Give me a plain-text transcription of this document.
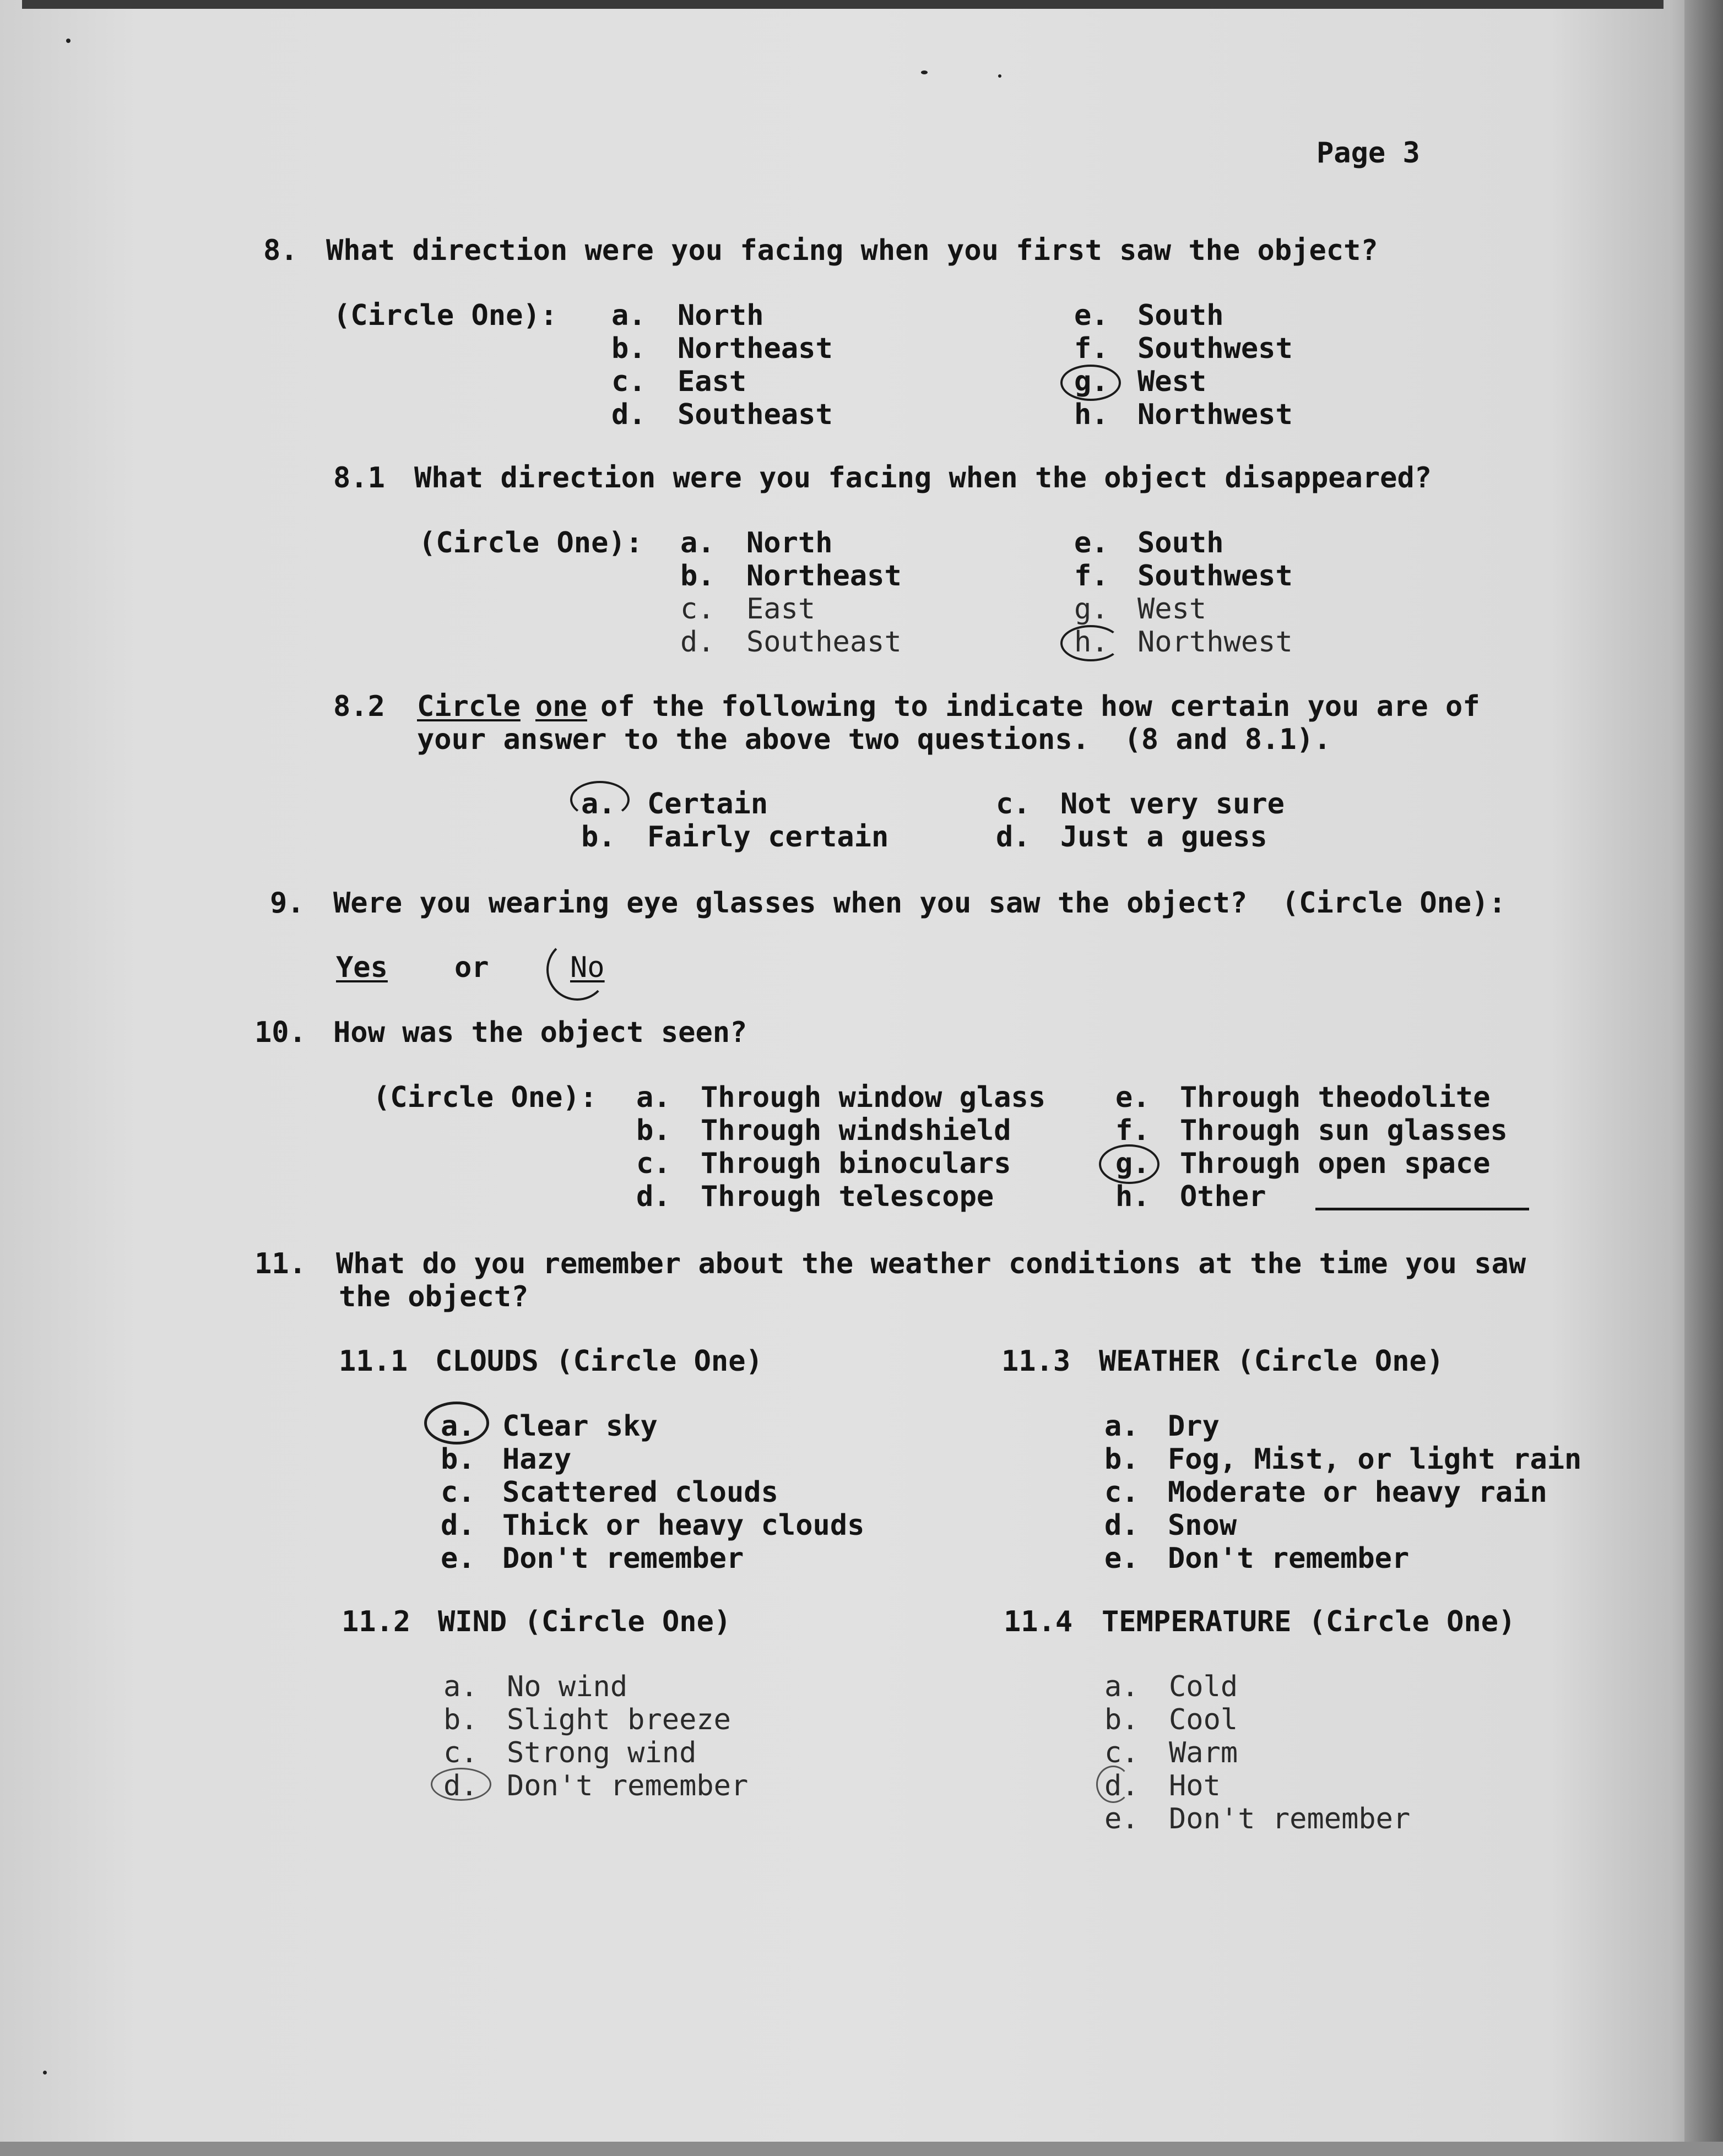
Page 3
8. What direction were you facing when you first saw the object?
(Circle One): a. North
b. Northeast
c. East
d. Southeast
e. South
f. Southwest
g. West
h. Northwest
8.1 What direction were you facing when the object disappeared?
(Circle One): a. North
b. Northeast
c. East
d. Southeast
e. South
f. Southwest
g. West
h. Northwest
8.2 Circle one of the following to indicate how certain you are of
your answer to the above two questions.  (8 and 8.1).
a. Certain
b. Fairly certain
c. Not very sure
d. Just a guess
9. Were you wearing eye glasses when you saw the object?  (Circle One):
Yes or	No
10. How was the object seen?
(Circle One): a. Through window glass
b. Through windshield
c. Through binoculars
d. Through telescope
e. Through theodolite
f. Through sun glasses
g. Through open space
h. Other
11. What do you remember about the weather conditions at the time you saw
the object?
11.1 CLOUDS (Circle One)
a. Clear sky
b. Hazy
c. Scattered clouds
d. Thick or heavy clouds
e. Don't remember
11.3 WEATHER (Circle One)
a. Dry
b. Fog, Mist, or light rain
c. Moderate or heavy rain
d. Snow
e. Don't remember
11.2 WIND (Circle One)
a. No wind
b. Slight breeze
c. Strong wind
d. Don't remember
11.4 TEMPERATURE (Circle One)
a. Cold
b. Cool
c. Warm
d. Hot
e. Don't remember
